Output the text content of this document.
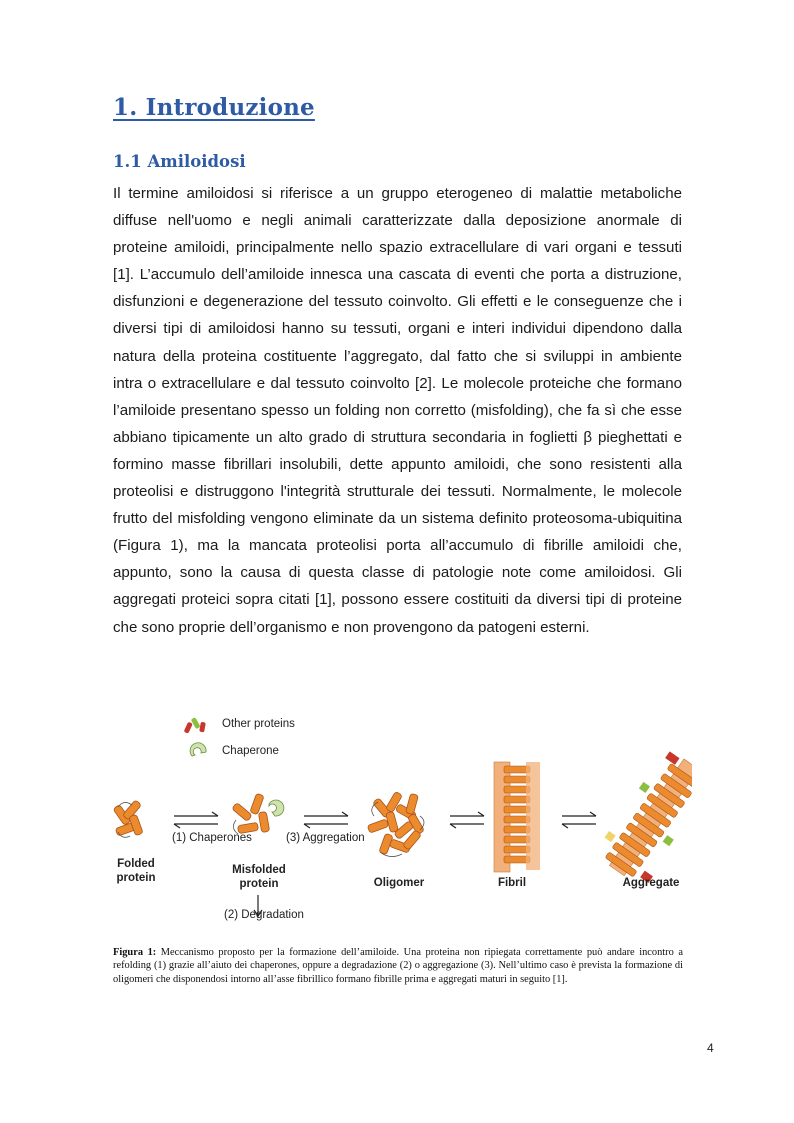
1. Introduzione
1.1 Amiloidosi

Il termine amiloidosi si riferisce a un gruppo eterogeneo di malattie metaboliche diffuse nell'uomo e negli animali caratterizzate dalla deposizione anormale di proteine amiloidi, principalmente nello spazio extracellulare di vari organi e tessuti [1]. L’accumulo dell’amiloide innesca una cascata di eventi che porta a distruzione, disfunzioni e degenerazione del tessuto coinvolto. Gli effetti e le conseguenze che i diversi tipi di amiloidosi hanno su tessuti, organi e interi individui dipendono dalla natura della proteina costituente l’aggregato, dal fatto che si sviluppi in ambiente intra o extracellulare e dal tessuto coinvolto [2]. Le molecole proteiche che formano l’amiloide presentano spesso un folding non corretto (misfolding), che fa sì che esse abbiano tipicamente un alto grado di struttura secondaria in foglietti β pieghettati e formino masse fibrillari insolubili, dette appunto amiloidi, che sono resistenti alla proteolisi e distruggono l'integrità strutturale dei tessuti. Normalmente, le molecole frutto del misfolding vengono eliminate da un sistema definito proteosoma-ubiquitina (Figura 1), ma la mancata proteolisi porta all’accumulo di fibrille amiloidi che, appunto, sono la causa di questa classe di patologie note come amiloidosi. Gli aggregati proteici sopra citati [1], possono essere costituiti da diversi tipi di proteine che sono proprie dell’organismo e non provengono da patogeni esterni.

Other proteins
Chaperone
(1) Chaperones	(3) Aggregation
(2) Degradation
Folded
protein
Misfolded
protein	Oligomer	Fibril	Aggregate

Figura 1: Meccanismo proposto per la formazione dell’amiloide. Una proteina non ripiegata correttamente può andare incontro a refolding (1) grazie all’aiuto dei chaperones, oppure a degradazione (2) o aggregazione (3). Nell’ultimo caso è prevista la formazione di oligomeri che disponendosi intorno all’asse fibrillico formano fibrille prima e aggregati maturi in seguito [1].

4
